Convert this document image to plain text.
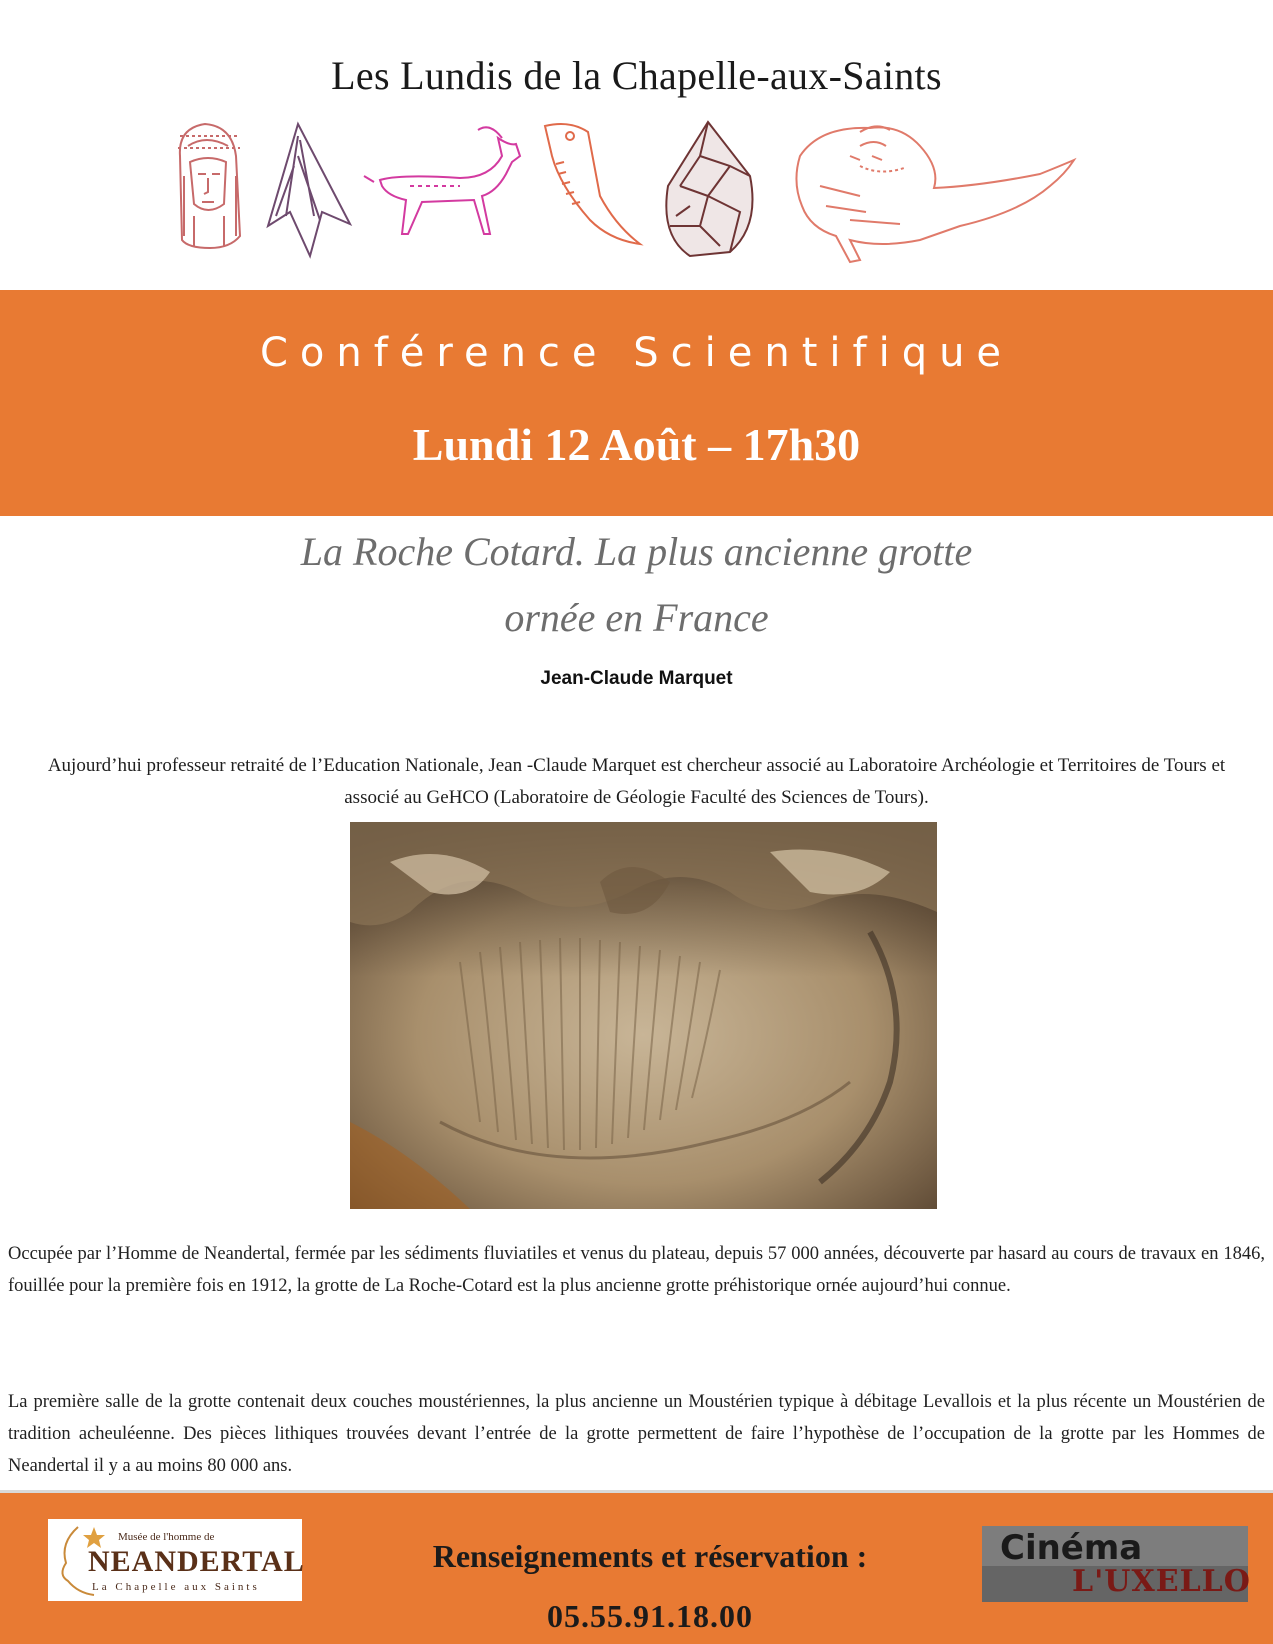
Les Lundis de la Chapelle-aux-Saints
Conférence Scientifique
Lundi 12 Août – 17h30
La Roche Cotard. La plus ancienne grotte
ornée en France
Jean-Claude Marquet
Aujourd’hui professeur retraité de l’Education Nationale, Jean -Claude Marquet est chercheur associé au Laboratoire Archéologie et Territoires de Tours et associé au GeHCO (Laboratoire de Géologie Faculté des Sciences de Tours).
Occupée par l’Homme de Neandertal, fermée par les sédiments fluviatiles et venus du plateau, depuis 57 000 années, découverte par hasard au cours de travaux en 1846, fouillée pour la première fois en 1912, la grotte de La Roche-Cotard est la plus ancienne grotte préhistorique ornée aujourd’hui connue.
La première salle de la grotte contenait deux couches moustériennes, la plus ancienne un Moustérien typique à débitage Levallois et la plus récente un Moustérien de tradition acheuléenne. Des pièces lithiques trouvées devant l’entrée de la grotte permettent de faire l’hypothèse de l’occupation de la grotte par les Hommes de Neandertal il y a au moins 80 000 ans.
Musée de l'homme de
NEANDERTAL
La Chapelle aux Saints
Renseignements et réservation :
05.55.91.18.00
Cinéma
L'UXELLO
